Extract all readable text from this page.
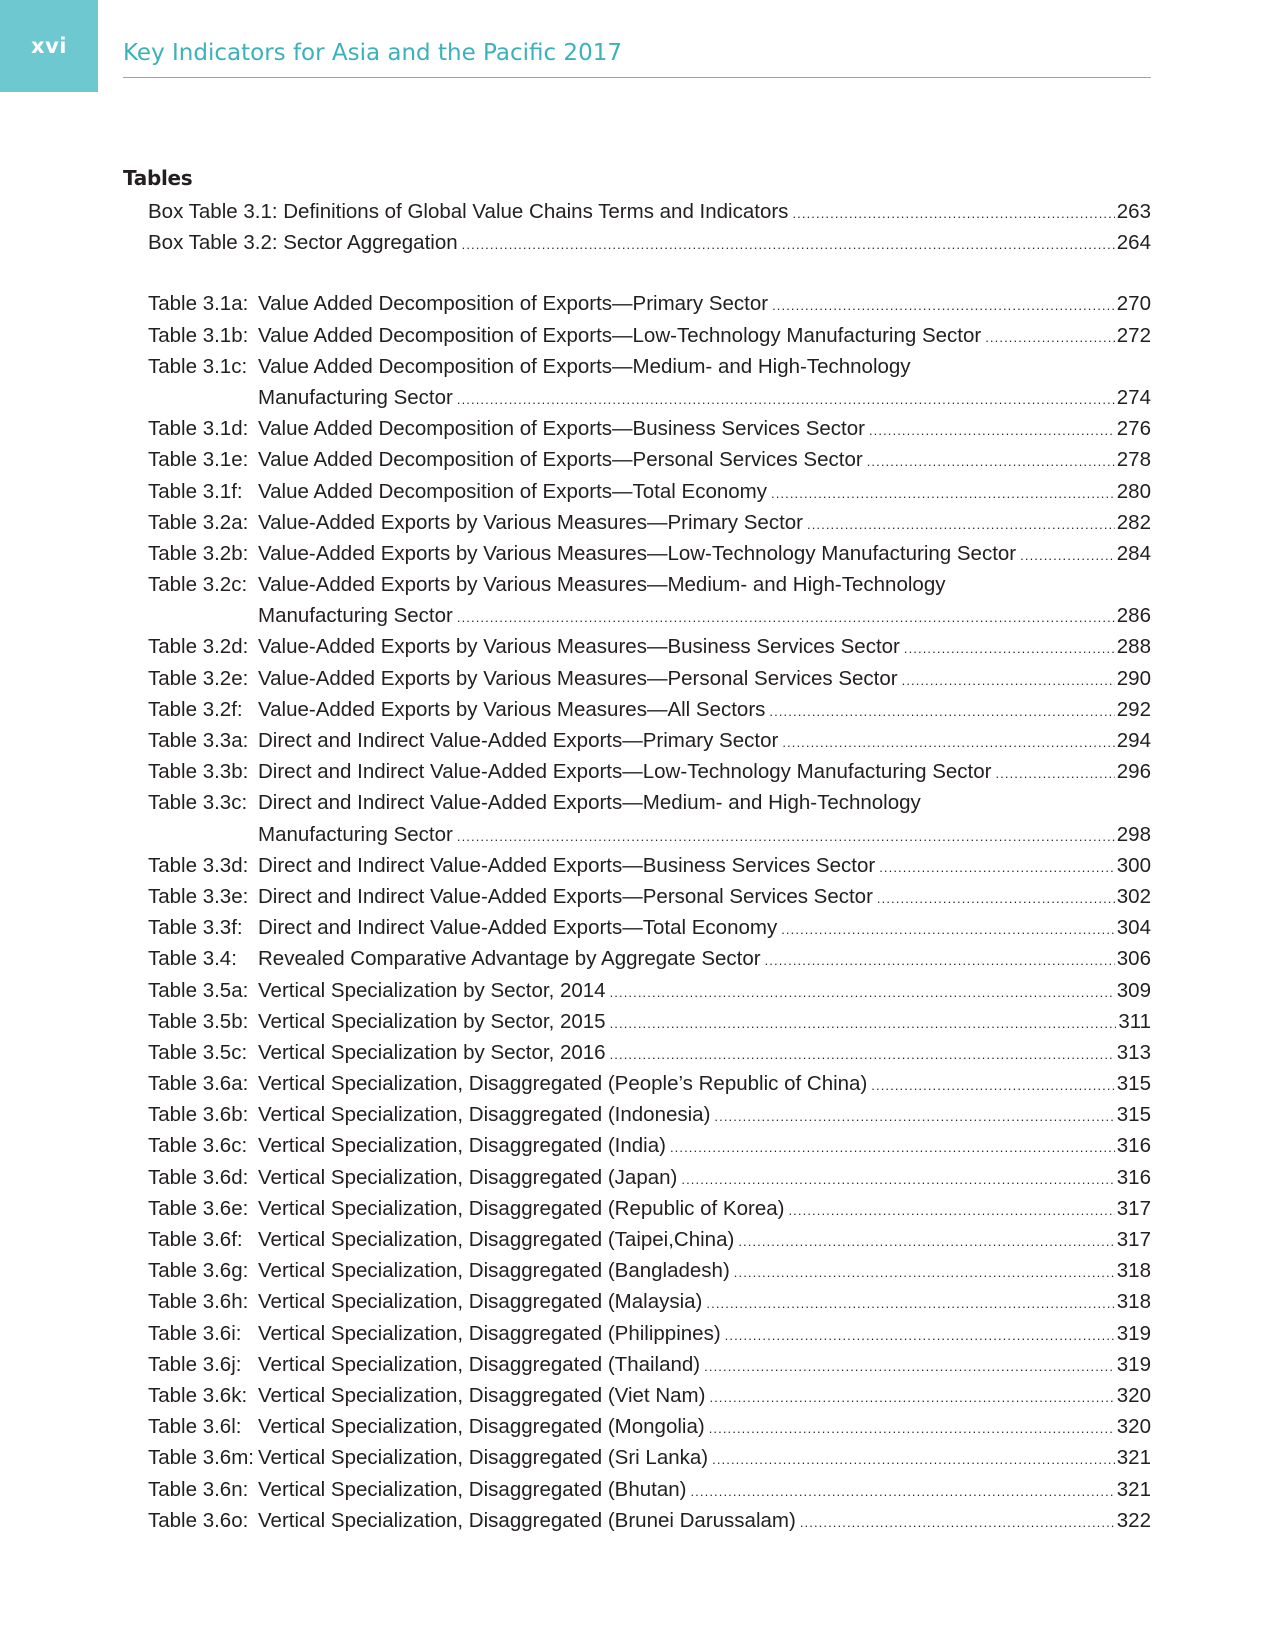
xvi Key Indicators for Asia and the Pacific 2017
Tables
Box Table 3.1:
Definitions of Global Value Chains Terms and Indicators .....	263
Box Table 3.2:
Sector Aggregation .....	264
Table 3.1a: Value Added Decomposition of Exports—Primary Sector .....	270
Table 3.1b: Value Added Decomposition of Exports—Low-Technology Manufacturing Sector .....	272
Table 3.1c: Value Added Decomposition of Exports—Medium- and High-Technology
Manufacturing Sector .....	274
Table 3.1d: Value Added Decomposition of Exports—Business Services Sector .....	276
Table 3.1e: Value Added Decomposition of Exports—Personal Services Sector .....	278
Table 3.1f: Value Added Decomposition of Exports—Total Economy .....	280
Table 3.2a: Value-Added Exports by Various Measures—Primary Sector .....	282
Table 3.2b: Value-Added Exports by Various Measures—Low-Technology Manufacturing Sector .....	284
Table 3.2c: Value-Added Exports by Various Measures—Medium- and High-Technology
Manufacturing Sector .....	286
Table 3.2d: Value-Added Exports by Various Measures—Business Services Sector .....	288
Table 3.2e: Value-Added Exports by Various Measures—Personal Services Sector .....	290
Table 3.2f: Value-Added Exports by Various Measures—All Sectors .....	292
Table 3.3a: Direct and Indirect Value-Added Exports—Primary Sector .....	294
Table 3.3b: Direct and Indirect Value-Added Exports—Low-Technology Manufacturing Sector .....	296
Table 3.3c: Direct and Indirect Value-Added Exports—Medium- and High-Technology
Manufacturing Sector .....	298
Table 3.3d: Direct and Indirect Value-Added Exports—Business Services Sector .....	300
Table 3.3e: Direct and Indirect Value-Added Exports—Personal Services Sector .....	302
Table 3.3f: Direct and Indirect Value-Added Exports—Total Economy .....	304
Table 3.4:	Revealed Comparative Advantage by Aggregate Sector .....	306
Table 3.5a: Vertical Specialization by Sector, 2014 .....	309
Table 3.5b: Vertical Specialization by Sector, 2015 .....	311
Table 3.5c: Vertical Specialization by Sector, 2016 .....	313
Table 3.6a: Vertical Specialization, Disaggregated (People’s Republic of China) .....	315
Table 3.6b: Vertical Specialization, Disaggregated (Indonesia) .....	315
Table 3.6c: Vertical Specialization, Disaggregated (India) .....	316
Table 3.6d: Vertical Specialization, Disaggregated (Japan) .....	316
Table 3.6e: Vertical Specialization, Disaggregated (Republic of Korea) .....	317
Table 3.6f: Vertical Specialization, Disaggregated (Taipei,China) .....	317
Table 3.6g: Vertical Specialization, Disaggregated (Bangladesh) .....	318
Table 3.6h: Vertical Specialization, Disaggregated (Malaysia) .....	318
Table 3.6i: Vertical Specialization, Disaggregated (Philippines) .....	319
Table 3.6j: Vertical Specialization, Disaggregated (Thailand) .....	319
Table 3.6k: Vertical Specialization, Disaggregated (Viet Nam) .....	320
Table 3.6l: Vertical Specialization, Disaggregated (Mongolia) .....	320
Table 3.6m: Vertical Specialization, Disaggregated (Sri Lanka) .....	321
Table 3.6n: Vertical Specialization, Disaggregated (Bhutan) .....	321
Table 3.6o: Vertical Specialization, Disaggregated (Brunei Darussalam) .....	322
